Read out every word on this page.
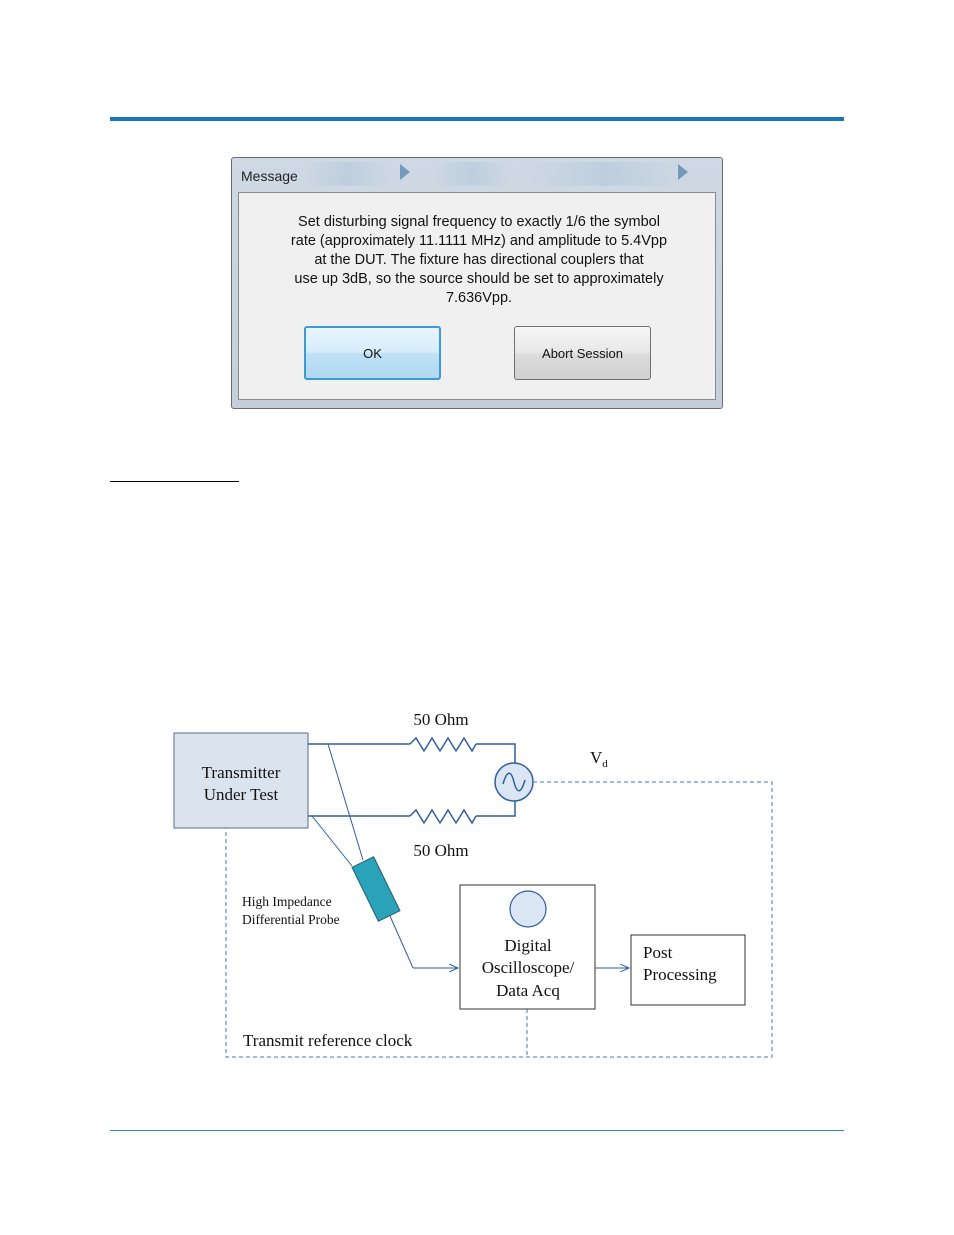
Message
Set disturbing signal frequency to exactly 1/6 the symbol
rate (approximately 11.1111 MHz) and amplitude to 5.4Vpp
at the DUT. The fixture has directional couplers that
use up 3dB, so the source should be set to approximately
7.636Vpp.
OK	Abort Session
Transmitter
Under Test
50 Ohm
50 Ohm
$V_d$
Transmit reference clock
High Impedance
Differential Probe
Digital
Oscilloscope/
Data Acq
Post
Processing
